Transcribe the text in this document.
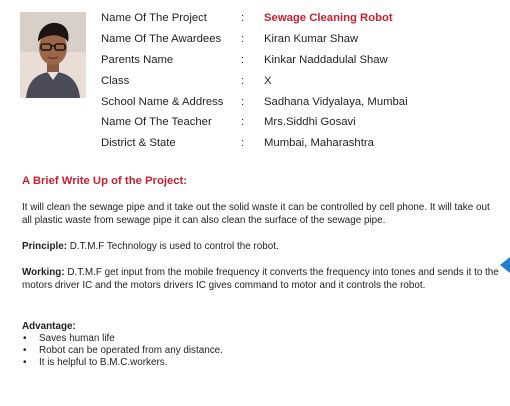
Name Of The Project	: Sewage Cleaning Robot
Name Of The Awardees : Kiran Kumar Shaw
Parents Name	: Kinkar Naddadulal Shaw
Class	: X
School Name & Address : Sadhana Vidyalaya, Mumbai
Name Of The Teacher	: Mrs.Siddhi Gosavi
District & State	: Mumbai, Maharashtra
A Brief Write Up of the Project:

It will clean the sewage pipe and it take out the solid waste it can be controlled by cell phone. It will take out all plastic waste from sewage pipe it can also clean the surface of the sewage pipe.

Principle: D.T.M.F Technology is used to control the robot.

Working: D.T.M.F get input from the mobile frequency it converts the frequency into tones and sends it to the motors driver IC and the motors drivers IC gives command to motor and it controls the robot.

Advantage:
• Saves human life
• Robot can be operated from any distance.
• It is helpful to B.M.C.workers.
